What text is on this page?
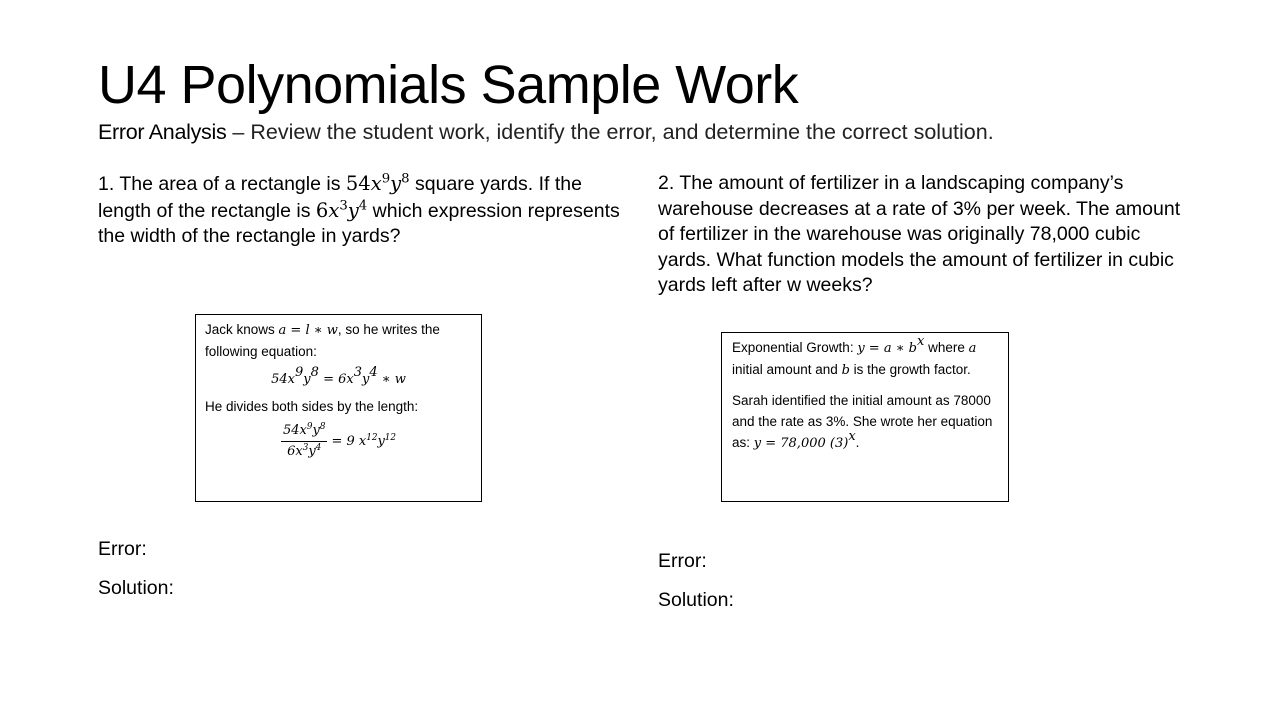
U4 Polynomials Sample Work
Error Analysis – Review the student work, identify the error, and determine the correct solution.
1. The area of a rectangle is $54x^9y^8$ square yards. If the length of the rectangle is $6x^3y^4$ which expression represents the width of the rectangle in yards?

Jack knows a = l ∗ w, so he writes the following equation:

$54x^9y^8 = 6x^3y^4$ ∗ w

He divides both sides by the length:

$\frac{54x^9y^8}{6x^3y^4} = 9$ $x^{12}y^{12}$
Error:
Solution:
2. The amount of fertilizer in a landscaping company’s warehouse decreases at a rate of 3% per week. The amount of fertilizer in the warehouse was originally 78,000 cubic yards. What function models the amount of fertilizer in cubic yards left after w weeks?

Exponential Growth: y = a ∗ $b^x$ where a initial amount and b is the growth factor.

Sarah identified the initial amount as 78000 and the rate as 3%. She wrote her equation as: y = 78,000 $(3)^x$.

Error:
Solution:
